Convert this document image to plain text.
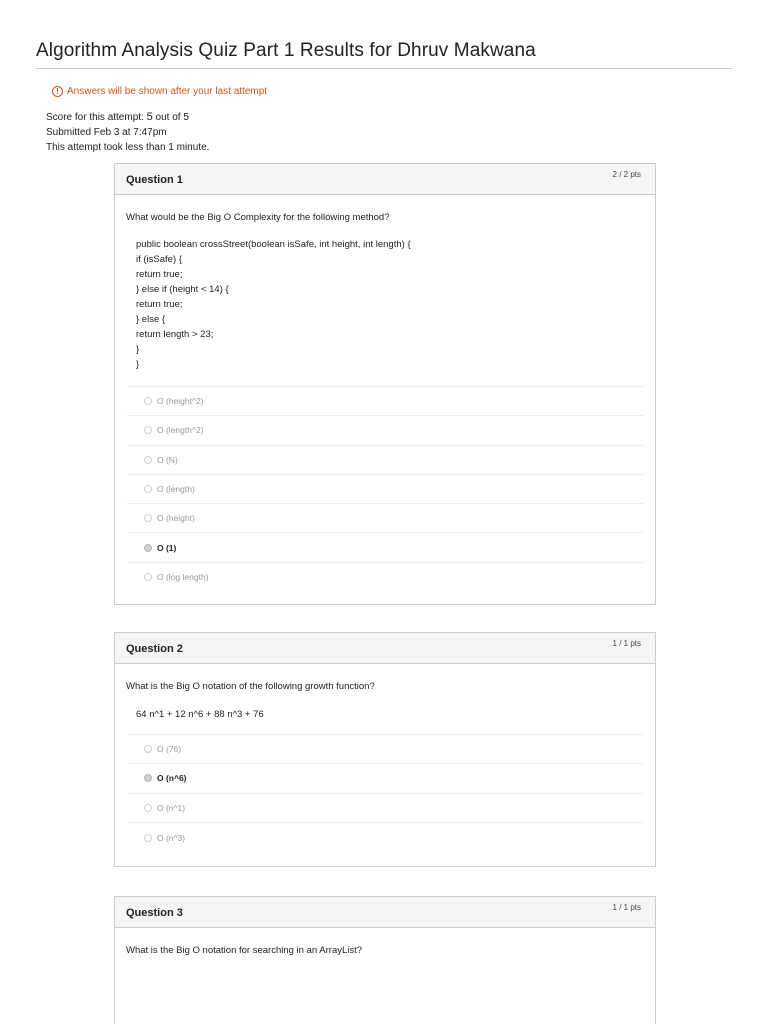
Algorithm Analysis Quiz Part 1 Results for Dhruv Makwana
! Answers will be shown after your last attempt
Score for this attempt: 5 out of 5
Submitted Feb 3 at 7:47pm
This attempt took less than 1 minute.
Question 1	2 / 2 pts
What would be the Big O Complexity for the following method?
public boolean crossStreet(boolean isSafe, int height, int length) {
if (isSafe) {
return true;
} else if (height < 14) {
return true;
} else {
return length > 23;
}
}
O (height^2)
O (length^2)
O (N)
O (length)
O (height)
O (1)
O (log length)
Question 2	1 / 1 pts
What is the Big O notation of the following growth function?
64 n^1 + 12 n^6 + 88 n^3 + 76
O (76)
O (n^6)
O (n^1)
O (n^3)
Question 3	1 / 1 pts
What is the Big O notation for searching in an ArrayList?
